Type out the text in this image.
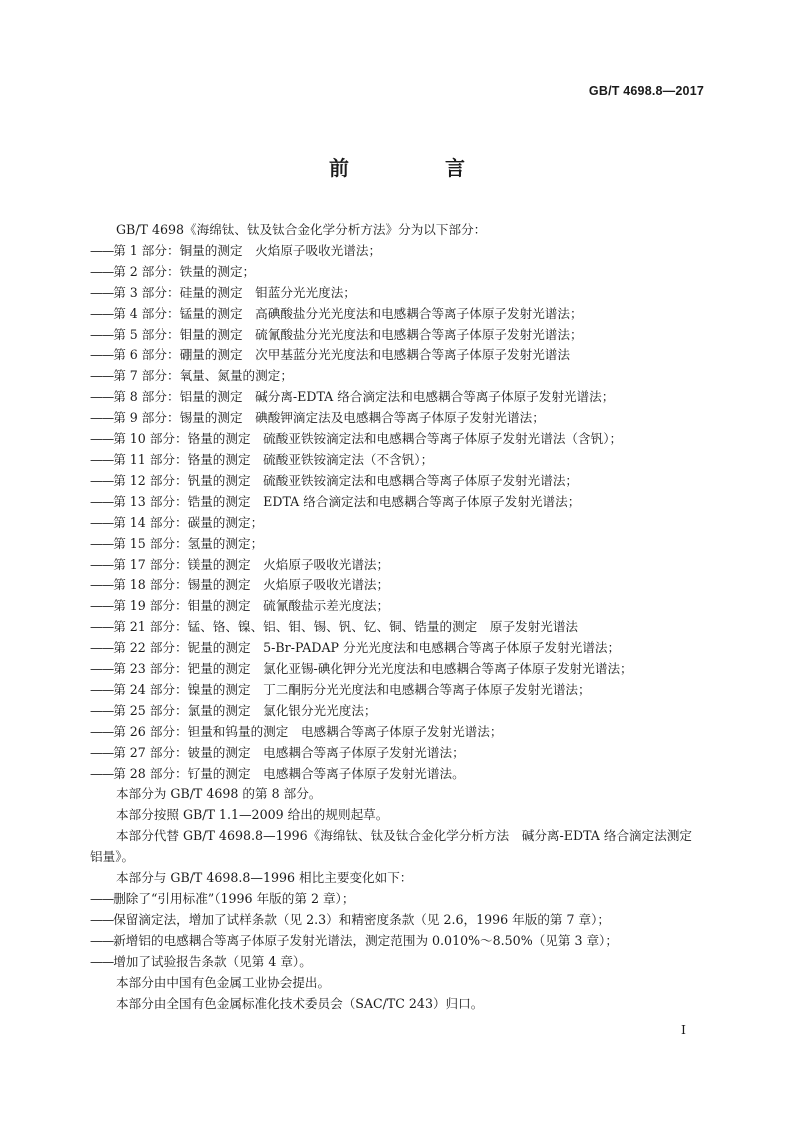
GB/T 4698.8—2017
前　言
GB/T 4698《海绵钛、钛及钛合金化学分析方法》分为以下部分：
——第 1 部分：铜量的测定　火焰原子吸收光谱法；
——第 2 部分：铁量的测定；
——第 3 部分：硅量的测定　钼蓝分光光度法；
——第 4 部分：锰量的测定　高碘酸盐分光光度法和电感耦合等离子体原子发射光谱法；
——第 5 部分：钼量的测定　硫氰酸盐分光光度法和电感耦合等离子体原子发射光谱法；
——第 6 部分：硼量的测定　次甲基蓝分光光度法和电感耦合等离子体原子发射光谱法
——第 7 部分：氧量、氮量的测定；
——第 8 部分：铝量的测定　碱分离-EDTA 络合滴定法和电感耦合等离子体原子发射光谱法；
——第 9 部分：锡量的测定　碘酸钾滴定法及电感耦合等离子体原子发射光谱法；
——第 10 部分：铬量的测定　硫酸亚铁铵滴定法和电感耦合等离子体原子发射光谱法（含钒）；
——第 11 部分：铬量的测定　硫酸亚铁铵滴定法（不含钒）；
——第 12 部分：钒量的测定　硫酸亚铁铵滴定法和电感耦合等离子体原子发射光谱法；
——第 13 部分：锆量的测定　EDTA 络合滴定法和电感耦合等离子体原子发射光谱法；
——第 14 部分：碳量的测定；
——第 15 部分：氢量的测定；
——第 17 部分：镁量的测定　火焰原子吸收光谱法；
——第 18 部分：锡量的测定　火焰原子吸收光谱法；
——第 19 部分：钼量的测定　硫氰酸盐示差光度法；
——第 21 部分：锰、铬、镍、铝、钼、锡、钒、钇、铜、锆量的测定　原子发射光谱法
——第 22 部分：铌量的测定　5-Br-PADAP 分光光度法和电感耦合等离子体原子发射光谱法；
——第 23 部分：钯量的测定　氯化亚锡-碘化钾分光光度法和电感耦合等离子体原子发射光谱法；
——第 24 部分：镍量的测定　丁二酮肟分光光度法和电感耦合等离子体原子发射光谱法；
——第 25 部分：氯量的测定　氯化银分光光度法；
——第 26 部分：钽量和钨量的测定　电感耦合等离子体原子发射光谱法；
——第 27 部分：铍量的测定　电感耦合等离子体原子发射光谱法；
——第 28 部分：钌量的测定　电感耦合等离子体原子发射光谱法。
本部分为 GB/T 4698 的第 8 部分。
本部分按照 GB/T 1.1—2009 给出的规则起草。
本部分代替 GB/T 4698.8—1996《海绵钛、钛及钛合金化学分析方法　碱分离-EDTA 络合滴定法测定铝量》。
本部分与 GB/T 4698.8—1996 相比主要变化如下：
——删除了“引用标准”（1996 年版的第 2 章）；
——保留滴定法，增加了试样条款（见 2.3）和精密度条款（见 2.6，1996 年版的第 7 章）；
——新增铝的电感耦合等离子体原子发射光谱法，测定范围为 0.010%～8.50%（见第 3 章）；
——增加了试验报告条款（见第 4 章）。
本部分由中国有色金属工业协会提出。
本部分由全国有色金属标准化技术委员会（SAC/TC 243）归口。
I
